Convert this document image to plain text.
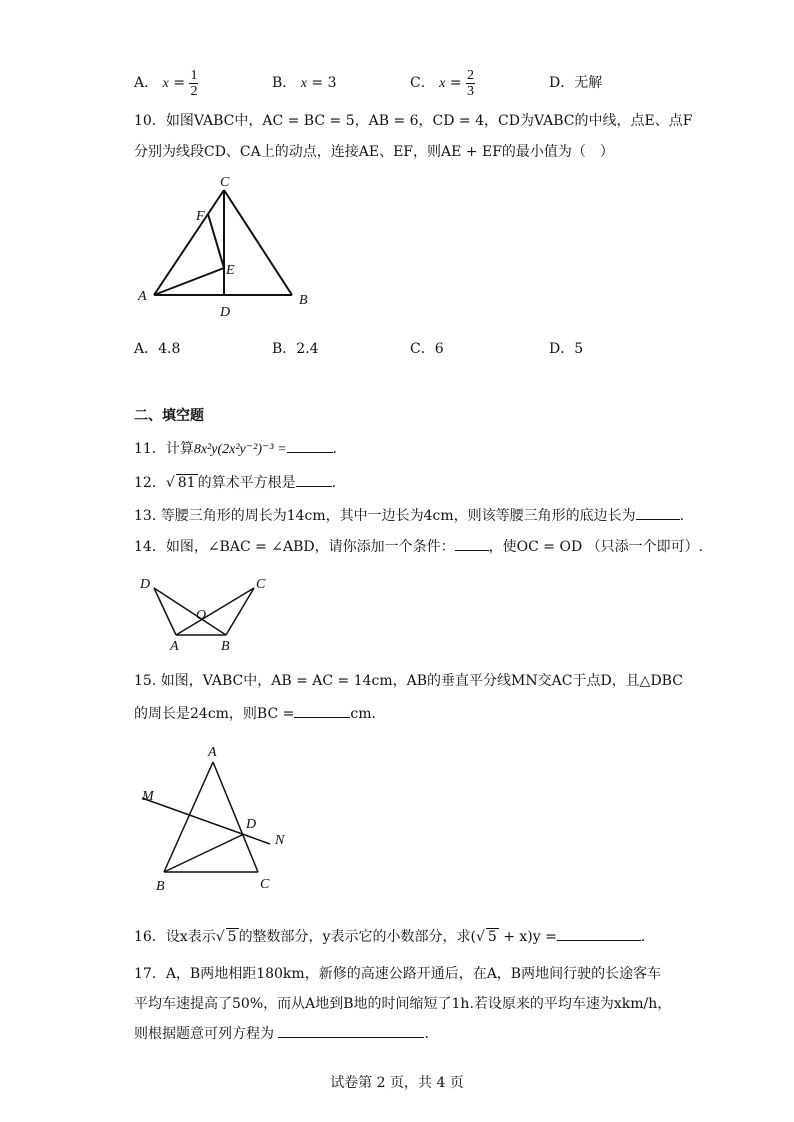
A． $x = \frac{1}{2}$	B． x = 3	C． $x = \frac{2}{3}$	D．无解
10．如图VABC中，AC = BC = 5，AB = 6，CD = 4，CD为VABC的中线，点E、点F
分别为线段CD、CA上的动点，连接AE、EF，则AE + EF的最小值为（　）
C
F
E
A
D
B
A．4.8	B．2.4	C．6	D．5
二、填空题
11．计算8x²y(2x²y⁻²)⁻³ =	.
12．√ 81 的算术平方根是	.
13. 等腰三角形的周长为14cm，其中一边长为4cm，则该等腰三角形的底边长为	.
14．如图，∠BAC = ∠ABD，请你添加一个条件： ，使OC = OD （只添一个即可）.
D	C
O
A	B
15. 如图，VABC中，AB = AC = 14cm，AB的垂直平分线MN交AC于点D，且△DBC
的周长是24cm，则BC =	cm.
A
M
D
N
B	C
16．设x表示√ 5 的整数部分，y表示它的小数部分，求(√ 5 + x)y =	.
17．A，B两地相距180km，新修的高速公路开通后，在A，B两地间行驶的长途客车
平均车速提高了50%，而从A地到B地的时间缩短了1h.若设原来的平均车速为xkm/h，
则根据题意可列方程为	.
试卷第 2 页，共 4 页
